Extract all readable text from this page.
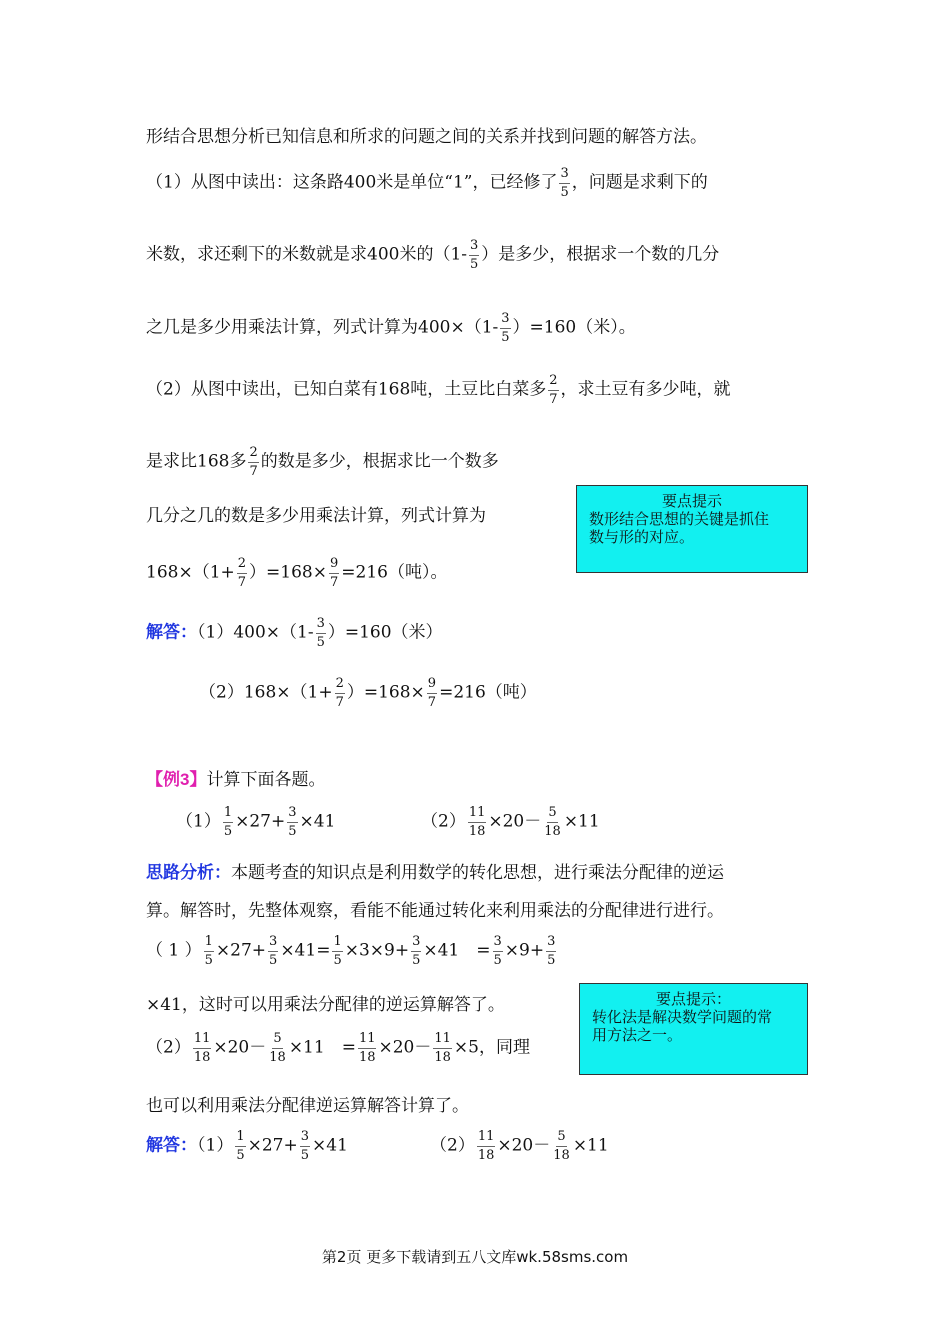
形结合思想分析已知信息和所求的问题之间的关系并找到问题的解答方法。
（1）从图中读出：这条路400米是单位“1”，已经修了 $\frac{3}{5}$ ，问题是求剩下的
米数，求还剩下的米数就是求400米的（$1- \frac{3}{5}$ ）是多少，根据求一个数的几分
之几是多少用乘法计算，列式计算为$400\times(1- \frac{3}{5} )=160$（米）。
（2）从图中读出，已知白菜有168吨，土豆比白菜多 $\frac{2}{7}$ ，求土豆有多少吨，就
是求比168多 $\frac{2}{7}$ 的数是多少，根据求比一个数多
几分之几的数是多少用乘法计算，列式计算为
$168\times(1+ \frac{2}{7} )=168\times \frac{9}{7} =216$（吨）。
要点提示
数形结合思想的关键是抓住
数与形的对应。
解答：$(1)400\times(1- \frac{3}{5} )=160$（米）
$(2)168\times(1+ \frac{2}{7} )=168\times \frac{9}{7} =216$（吨）
【例3】计算下面各题。
$(1) \frac{1}{5} \times 27+ \frac{3}{5} \times 41$	$(2) \frac{11}{18} \times 20- \frac{5}{18} \times 11$
思路分析：本题考查的知识点是利用数学的转化思想，进行乘法分配律的逆运
算。解答时，先整体观察，看能不能通过转化来利用乘法的分配律进行进行。
（ 1 ） $\frac{1}{5} \times 27+ \frac{3}{5} \times 41= \frac{1}{5} \times 3\times 9+ \frac{3}{5} \times 41$　= $\frac{3}{5} \times 9+ \frac{3}{5}$
×41，这时可以用乘法分配律的逆运算解答了。
$(2) \frac{11}{18} \times 20- \frac{5}{18} \times 11$　= $\frac{11}{18} \times 20- \frac{11}{18} \times 5$，同理
也可以利用乘法分配律逆运算解答计算了。
要点提示：
转化法是解决数学问题的常
用方法之一。
解答：$(1) \frac{1}{5} \times 27+ \frac{3}{5} \times 41$	$(2) \frac{11}{18} \times 20- \frac{5}{18} \times 11$
第2页 更多下载请到五八文库wk.58sms.com
